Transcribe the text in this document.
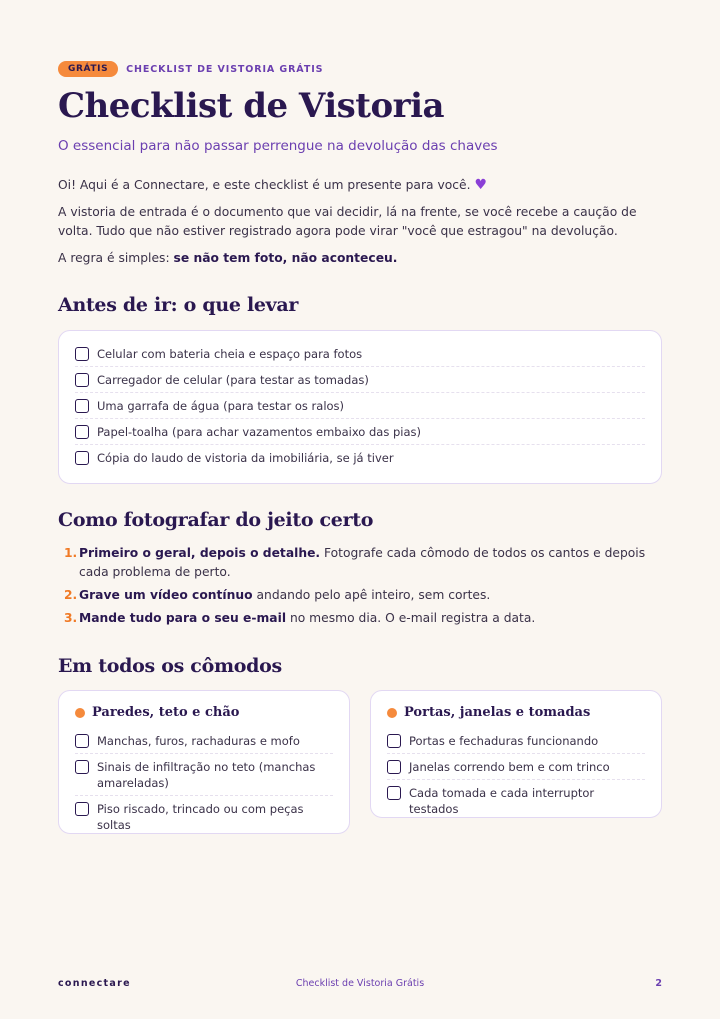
GRÁTIS	CHECKLIST DE VISTORIA GRÁTIS
Checklist de Vistoria
O essencial para não passar perrengue na devolução das chaves

Oi! Aqui é a Connectare, e este checklist é um presente para você. ♥

A vistoria de entrada é o documento que vai decidir, lá na frente, se você recebe a caução de volta. Tudo que não estiver registrado agora pode virar "você que estragou" na devolução.

A regra é simples: se não tem foto, não aconteceu.

Antes de ir: o que levar
Celular com bateria cheia e espaço para fotos
Carregador de celular (para testar as tomadas)
Uma garrafa de água (para testar os ralos)
Papel-toalha (para achar vazamentos embaixo das pias)
Cópia do laudo de vistoria da imobiliária, se já tiver
Como fotografar do jeito certo
1. Primeiro o geral, depois o detalhe. Fotografe cada cômodo de todos os cantos e depois cada problema de perto.
2. Grave um vídeo contínuo andando pelo apê inteiro, sem cortes.
3. Mande tudo para o seu e-mail no mesmo dia. O e-mail registra a data.
Em todos os cômodos
Paredes, teto e chão
Manchas, furos, rachaduras e mofo
Sinais de infiltração no teto (manchas amareladas)
Piso riscado, trincado ou com peças soltas
Portas, janelas e tomadas
Portas e fechaduras funcionando
Janelas correndo bem e com trinco
Cada tomada e cada interruptor testados
connectare	Checklist de Vistoria Grátis	2
